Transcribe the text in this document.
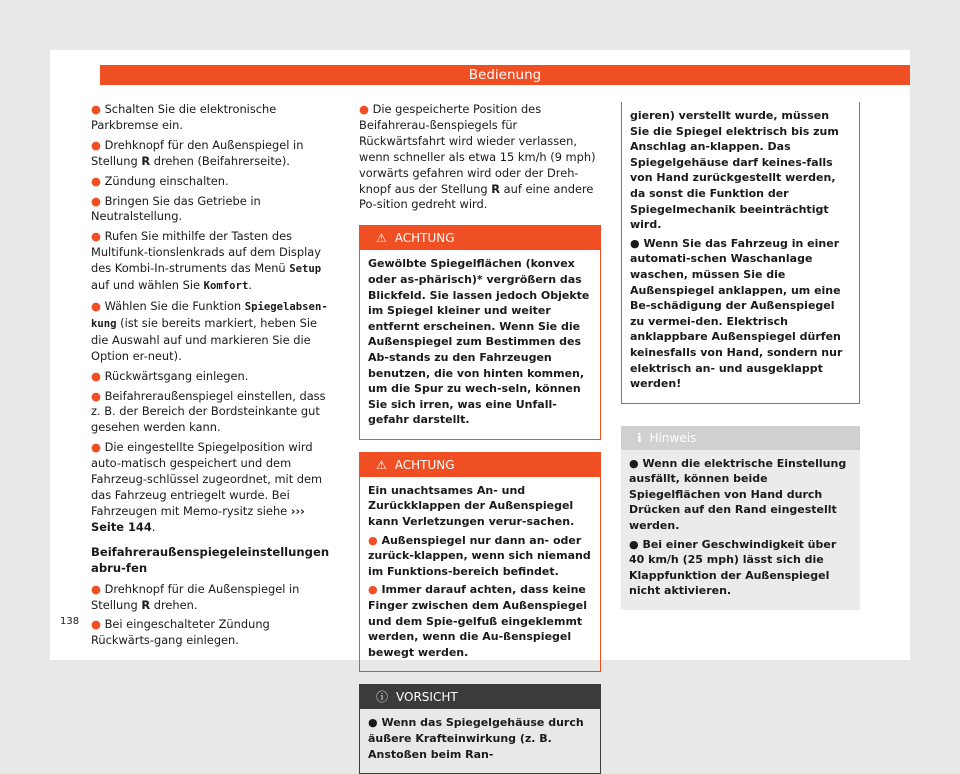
Bedienung

● Schalten Sie die elektronische Parkbremse ein.

● Drehknopf für den Außenspiegel in Stellung R drehen (Beifahrerseite).

● Zündung einschalten.

● Bringen Sie das Getriebe in Neutralstellung.

● Rufen Sie mithilfe der Tasten des Multifunk-tionslenkrads auf dem Display des Kombi-In-struments das Menü Setup auf und wählen Sie Komfort.

● Wählen Sie die Funktion Spiegelabsen-kung (ist sie bereits markiert, heben Sie die Auswahl auf und markieren Sie die Option er-neut).

● Rückwärtsgang einlegen.

● Beifahreraußenspiegel einstellen, dass z. B. der Bereich der Bordsteinkante gut gesehen werden kann.

● Die eingestellte Spiegelposition wird auto-matisch gespeichert und dem Fahrzeug-schlüssel zugeordnet, mit dem das Fahrzeug entriegelt wurde. Bei Fahrzeugen mit Memo-rysitz siehe ››› Seite 144.

Beifahreraußenspiegeleinstellungen abru-fen

● Drehknopf für die Außenspiegel in Stellung R drehen.

● Bei eingeschalteter Zündung Rückwärts-gang einlegen.

● Die gespeicherte Position des Beifahrerau-ßenspiegels für Rückwärtsfahrt wird wieder verlassen, wenn schneller als etwa 15 km/h (9 mph) vorwärts gefahren wird oder der Dreh-knopf aus der Stellung R auf eine andere Po-sition gedreht wird.

⚠ ACHTUNG

Gewölbte Spiegelflächen (konvex oder as-phärisch)* vergrößern das Blickfeld. Sie lassen jedoch Objekte im Spiegel kleiner und weiter entfernt erscheinen. Wenn Sie die Außenspiegel zum Bestimmen des Ab-stands zu den Fahrzeugen benutzen, die von hinten kommen, um die Spur zu wech-seln, können Sie sich irren, was eine Unfall-gefahr darstellt.

⚠ ACHTUNG

Ein unachtsames An- und Zurückklappen der Außenspiegel kann Verletzungen verur-sachen.

● Außenspiegel nur dann an- oder zurück-klappen, wenn sich niemand im Funktions-bereich befindet.

● Immer darauf achten, dass keine Finger zwischen dem Außenspiegel und dem Spie-gelfuß eingeklemmt werden, wenn die Au-ßenspiegel bewegt werden.

ⓘ VORSICHT

● Wenn das Spiegelgehäuse durch äußere Krafteinwirkung (z. B. Anstoßen beim Ran-

gieren) verstellt wurde, müssen Sie die Spiegel elektrisch bis zum Anschlag an-klappen. Das Spiegelgehäuse darf keines-falls von Hand zurückgestellt werden, da sonst die Funktion der Spiegelmechanik beeinträchtigt wird.

● Wenn Sie das Fahrzeug in einer automati-schen Waschanlage waschen, müssen Sie die Außenspiegel anklappen, um eine Be-schädigung der Außenspiegel zu vermei-den. Elektrisch anklappbare Außenspiegel dürfen keinesfalls von Hand, sondern nur elektrisch an- und ausgeklappt werden!

ℹ Hinweis

● Wenn die elektrische Einstellung ausfällt, können beide Spiegelflächen von Hand durch Drücken auf den Rand eingestellt werden.

● Bei einer Geschwindigkeit über 40 km/h (25 mph) lässt sich die Klappfunktion der Außenspiegel nicht aktivieren.

138
